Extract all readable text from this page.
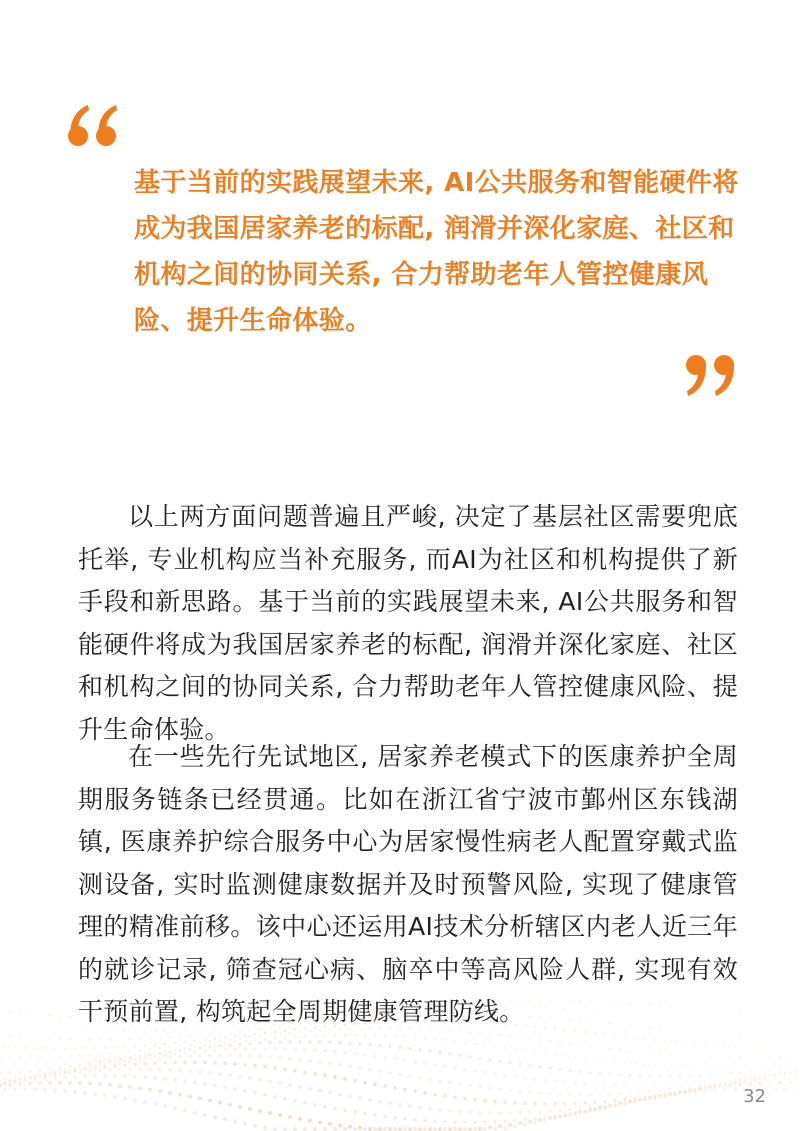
基于当前的实践展望未来, AI公共服务和智能硬件将成为我国居家养老的标配, 润滑并深化家庭、社区和机构之间的协同关系, 合力帮助老年人管控健康风险、提升生命体验。

以上两方面问题普遍且严峻, 决定了基层社区需要兜底托举, 专业机构应当补充服务, 而AI为社区和机构提供了新手段和新思路。基于当前的实践展望未来, AI公共服务和智能硬件将成为我国居家养老的标配, 润滑并深化家庭、社区和机构之间的协同关系, 合力帮助老年人管控健康风险、提升生命体验。

在一些先行先试地区, 居家养老模式下的医康养护全周期服务链条已经贯通。比如在浙江省宁波市鄞州区东钱湖镇, 医康养护综合服务中心为居家慢性病老人配置穿戴式监测设备, 实时监测健康数据并及时预警风险, 实现了健康管理的精准前移。该中心还运用AI技术分析辖区内老人近三年的就诊记录, 筛查冠心病、脑卒中等高风险人群, 实现有效干预前置, 构筑起全周期健康管理防线。

32
